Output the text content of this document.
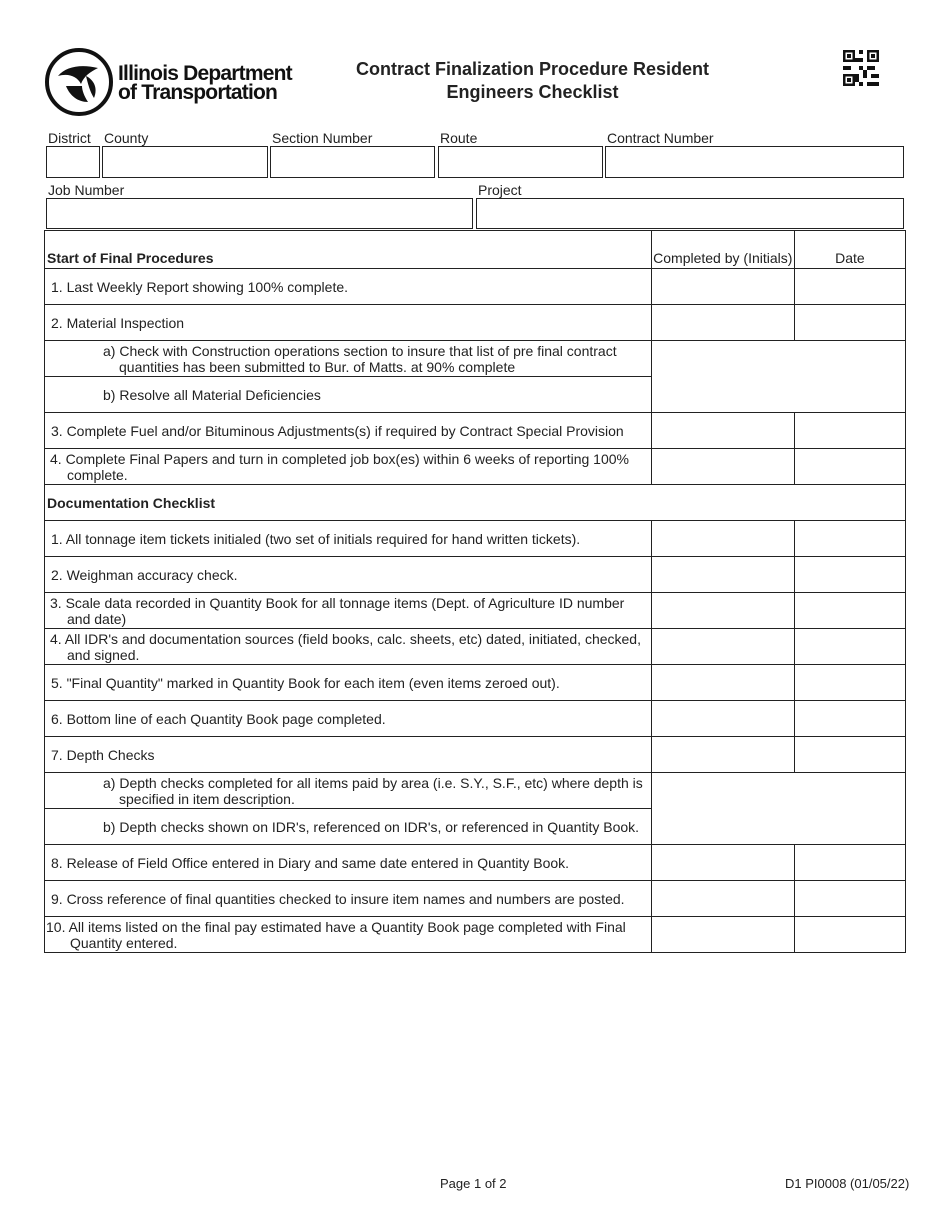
Illinois Department
of Transportation
Contract Finalization Procedure Resident
Engineers Checklist
District County	Section Number	Route	Contract Number
Job Number	Project
Start of Final Procedures	Completed by (Initials)	Date
1. Last Weekly Report showing 100% complete.		
2. Material Inspection		

a) Check with Construction operations section to insure that list of pre final contract quantities has been submitted to Bur. of Matts. at 90% complete		

b) Resolve all Material Deficiencies		
3. Complete Fuel and/or Bituminous Adjustments(s) if required by Contract Special Provision		
4. Complete Final Papers and turn in completed job box(es) within 6 weeks of reporting 100% complete.		
Documentation Checklist		
1. All tonnage item tickets initialed (two set of initials required for hand written tickets).		
2. Weighman accuracy check.		
3. Scale data recorded in Quantity Book for all tonnage items (Dept. of Agriculture ID number and date)		
4. All IDR's and documentation sources (field books, calc. sheets, etc) dated, initiated, checked, and signed.		
5. "Final Quantity" marked in Quantity Book for each item (even items zeroed out).		
6. Bottom line of each Quantity Book page completed.		
7. Depth Checks		

a) Depth checks completed for all items paid by area (i.e. S.Y., S.F., etc) where depth is specified in item description.		

b) Depth checks shown on IDR's, referenced on IDR's, or referenced in Quantity Book.		
8. Release of Field Office entered in Diary and same date entered in Quantity Book.		
9. Cross reference of final quantities checked to insure item names and numbers are posted.		
10. All items listed on the final pay estimated have a Quantity Book page completed with Final Quantity entered.		
Page 1 of 2	D1 PI0008 (01/05/22)
